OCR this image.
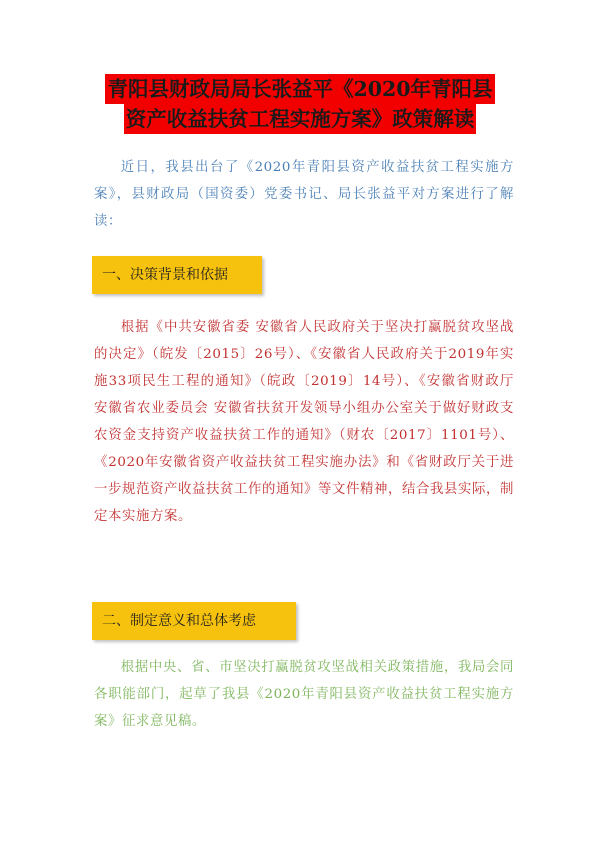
青阳县财政局局长张益平《2020年青阳县
资产收益扶贫工程实施方案》政策解读

近日，我县出台了《2020年青阳县资产收益扶贫工程实施方案》，县财政局（国资委）党委书记、局长张益平对方案进行了解读：

一、决策背景和依据

根据《中共安徽省委 安徽省人民政府关于坚决打赢脱贫攻坚战的决定》（皖发〔2015〕26号）、《安徽省人民政府关于2019年实施33项民生工程的通知》（皖政〔2019〕14号）、《安徽省财政厅 安徽省农业委员会 安徽省扶贫开发领导小组办公室关于做好财政支农资金支持资产收益扶贫工作的通知》（财农〔2017〕1101号）、《2020年安徽省资产收益扶贫工程实施办法》和《省财政厅关于进一步规范资产收益扶贫工作的通知》等文件精神，结合我县实际，制定本实施方案。

二、制定意义和总体考虑

根据中央、省、市坚决打赢脱贫攻坚战相关政策措施，我局会同各职能部门，起草了我县《2020年青阳县资产收益扶贫工程实施方案》征求意见稿。
